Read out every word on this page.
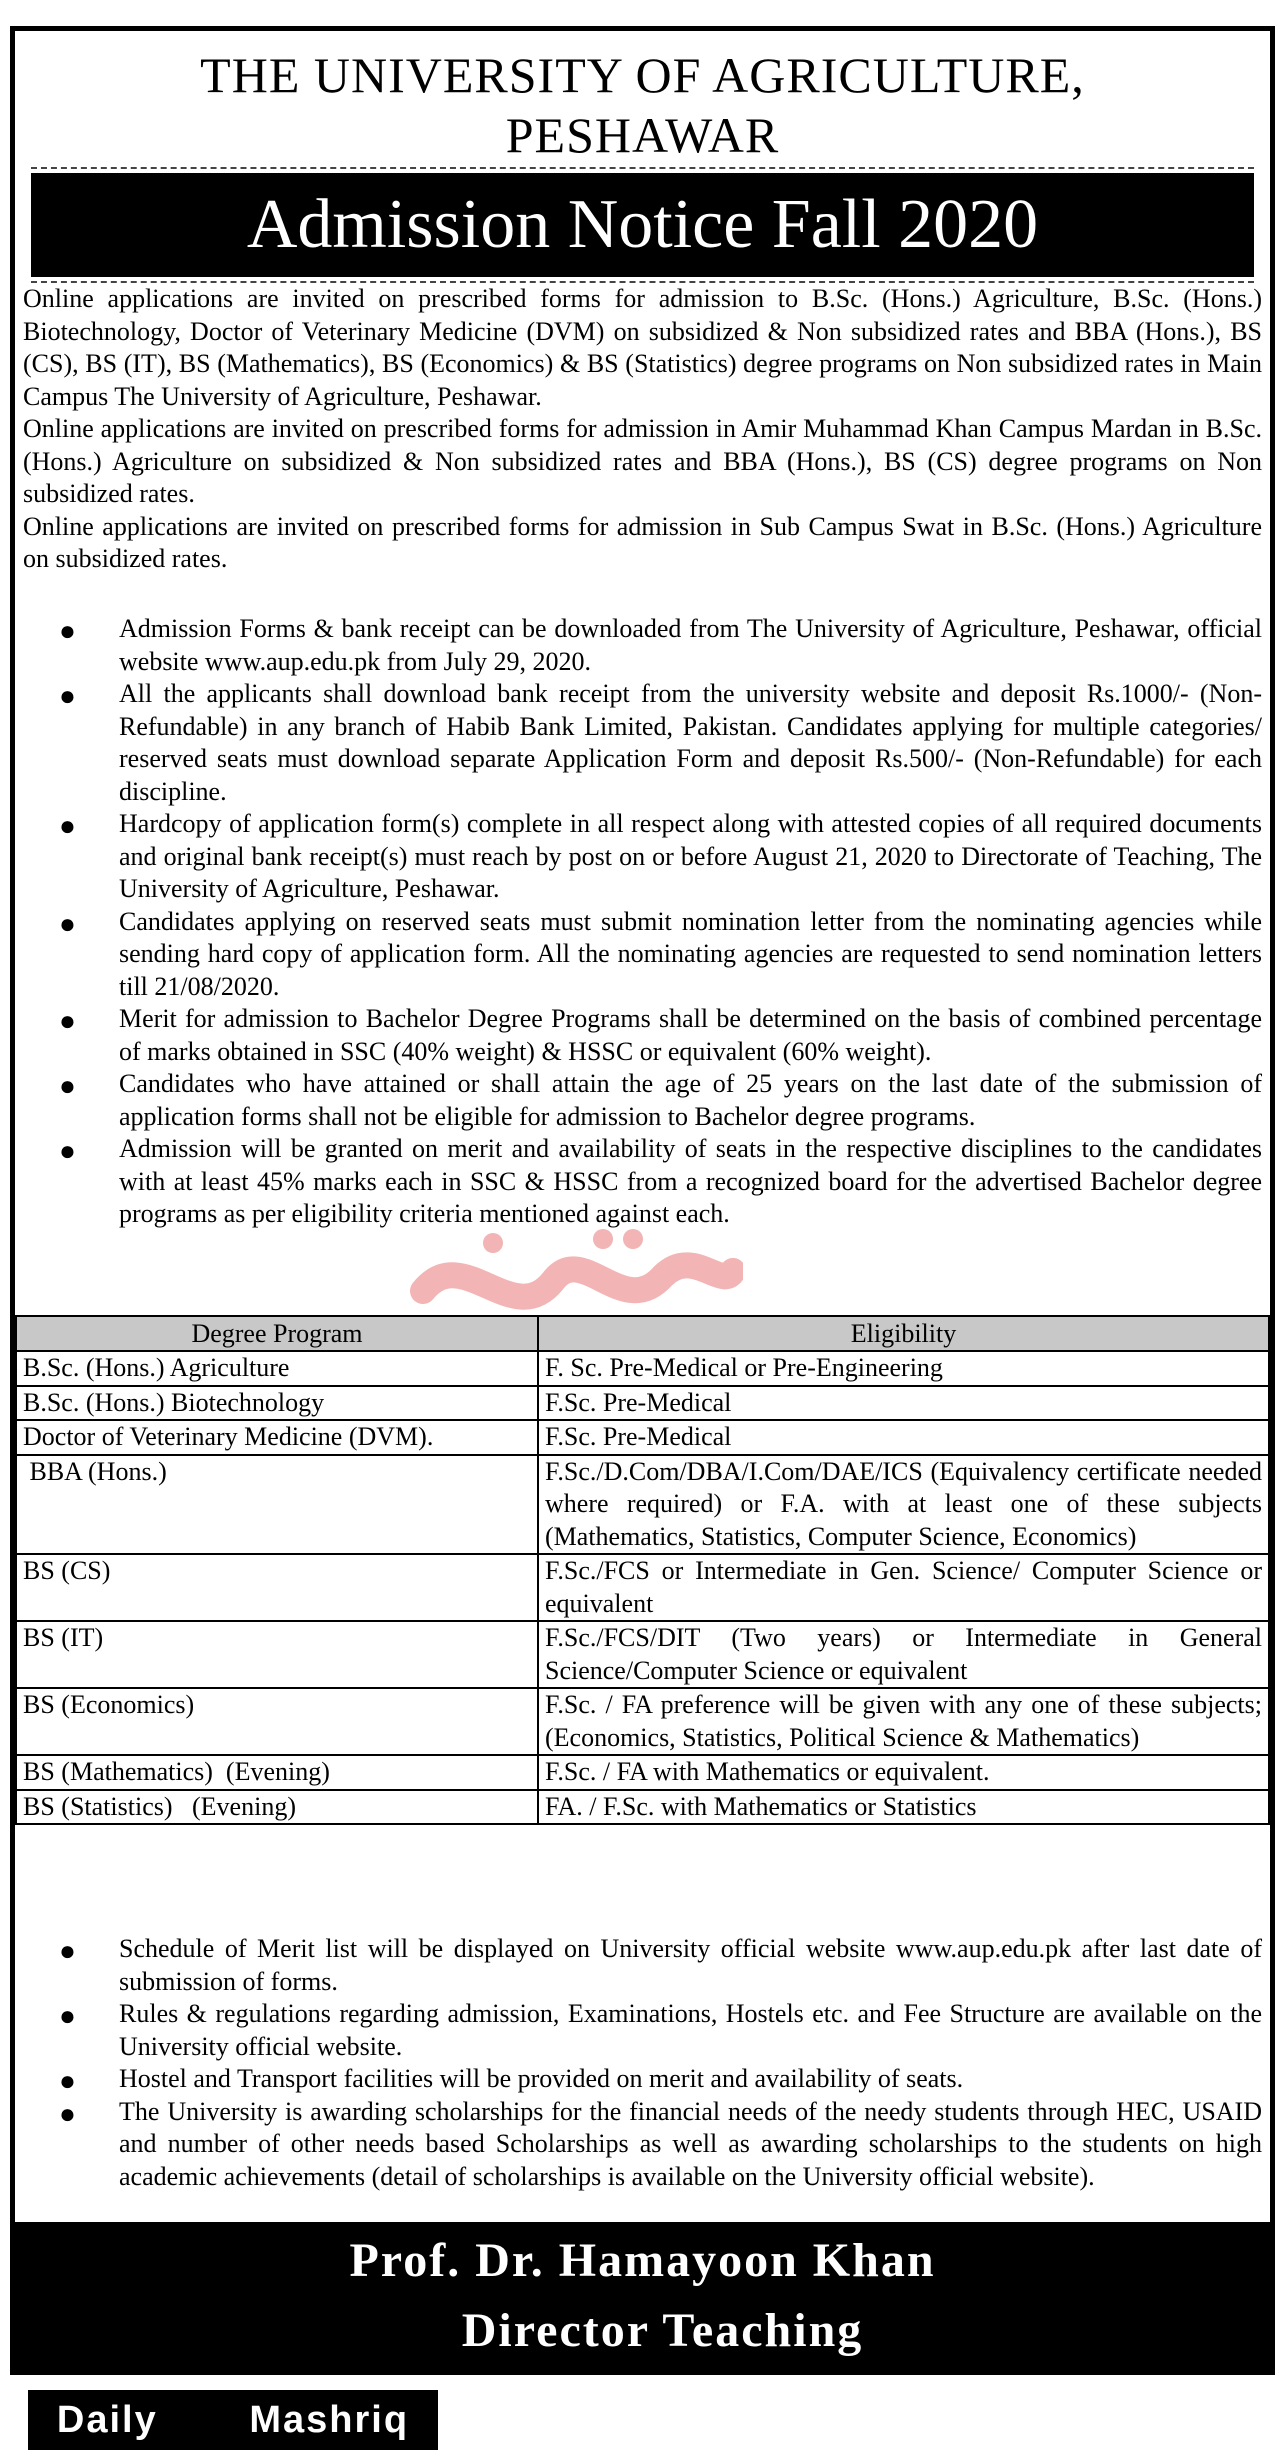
THE UNIVERSITY OF AGRICULTURE,
PESHAWAR
Admission Notice Fall 2020

Online applications are invited on prescribed forms for admission to B.Sc. (Hons.) Agriculture, B.Sc. (Hons.) Biotechnology, Doctor of Veterinary Medicine (DVM) on subsidized & Non subsidized rates and BBA (Hons.), BS (CS), BS (IT), BS (Mathematics), BS (Economics) & BS (Statistics) degree programs on Non subsidized rates in Main Campus The University of Agriculture, Peshawar.

Online applications are invited on prescribed forms for admission in Amir Muhammad Khan Campus Mardan in B.Sc. (Hons.) Agriculture on subsidized & Non subsidized rates and BBA (Hons.), BS (CS) degree programs on Non subsidized rates.

Online applications are invited on prescribed forms for admission in Sub Campus Swat in B.Sc. (Hons.) Agriculture on subsidized rates.

● Admission Forms & bank receipt can be downloaded from The University of Agriculture, Peshawar, official website www.aup.edu.pk from July 29, 2020.
● All the applicants shall download bank receipt from the university website and deposit Rs.1000/- (Non-Refundable) in any branch of Habib Bank Limited, Pakistan. Candidates applying for multiple categories/ reserved seats must download separate Application Form and deposit Rs.500/- (Non-Refundable) for each discipline.
● Hardcopy of application form(s) complete in all respect along with attested copies of all required documents and original bank receipt(s) must reach by post on or before August 21, 2020 to Directorate of Teaching, The University of Agriculture, Peshawar.
● Candidates applying on reserved seats must submit nomination letter from the nominating agencies while sending hard copy of application form. All the nominating agencies are requested to send nomination letters till 21/08/2020.
● Merit for admission to Bachelor Degree Programs shall be determined on the basis of combined percentage of marks obtained in SSC (40% weight) & HSSC or equivalent (60% weight).
● Candidates who have attained or shall attain the age of 25 years on the last date of the submission of application forms shall not be eligible for admission to Bachelor degree programs.
● Admission will be granted on merit and availability of seats in the respective disciplines to the candidates with at least 45% marks each in SSC & HSSC from a recognized board for the advertised Bachelor degree programs as per eligibility criteria mentioned against each.
Degree Program	Eligibility
B.Sc. (Hons.) Agriculture	F. Sc. Pre-Medical or Pre-Engineering
B.Sc. (Hons.) Biotechnology	F.Sc. Pre-Medical
Doctor of Veterinary Medicine (DVM).	F.Sc. Pre-Medical
BBA (Hons.)	F.Sc./D.Com/DBA/I.Com/DAE/ICS (Equivalency certificate needed where required) or F.A. with at least one of these subjects (Mathematics, Statistics, Computer Science, Economics)
BS (CS)	F.Sc./FCS or Intermediate in Gen. Science/ Computer Science or equivalent
BS (IT)	F.Sc./FCS/DIT (Two years) or Intermediate in General Science/Computer Science or equivalent
BS (Economics)	F.Sc. / FA preference will be given with any one of these subjects; (Economics, Statistics, Political Science & Mathematics)
BS (Mathematics)  (Evening)	F.Sc. / FA with Mathematics or equivalent.
BS (Statistics)   (Evening)	FA. / F.Sc. with Mathematics or Statistics
● Schedule of Merit list will be displayed on University official website www.aup.edu.pk after last date of submission of forms.
● Rules & regulations regarding admission, Examinations, Hostels etc. and Fee Structure are available on the University official website.
● Hostel and Transport facilities will be provided on merit and availability of seats.
● The University is awarding scholarships for the financial needs of the needy students through HEC, USAID and number of other needs based Scholarships as well as awarding scholarships to the students on high academic achievements (detail of scholarships is available on the University official website).
Prof. Dr. Hamayoon Khan
Director Teaching
Daily   Mashriq
